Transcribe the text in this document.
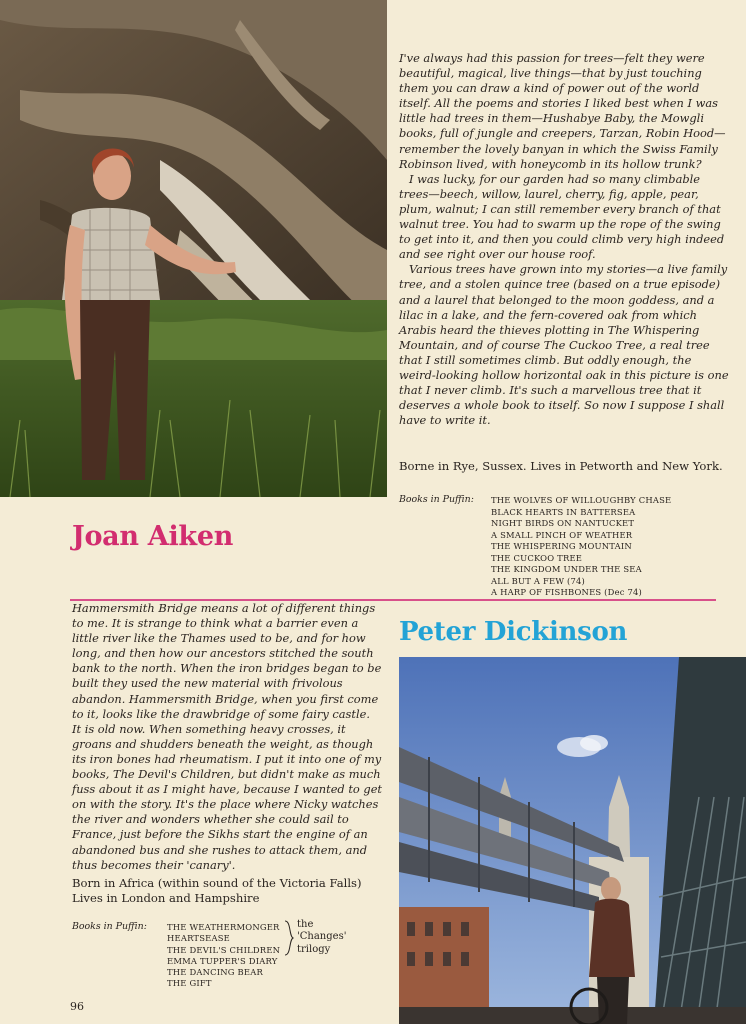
I've always had this passion for trees—felt they were beautiful, magical, live things—that by just touching them you can draw a kind of power out of the world itself. All the poems and stories I liked best when I was little had trees in them—Hushabye Baby, the Mowgli books, full of jungle and creepers, Tarzan, Robin Hood—remember the lovely banyan in which the Swiss Family Robinson lived, with honeycomb in its hollow trunk?

I was lucky, for our garden had so many climbable trees—beech, willow, laurel, cherry, fig, apple, pear, plum, walnut; I can still remember every branch of that walnut tree. You had to swarm up the rope of the swing to get into it, and then you could climb very high indeed and see right over our house roof.

Various trees have grown into my stories—a live family tree, and a stolen quince tree (based on a true episode) and a laurel that belonged to the moon goddess, and a lilac in a lake, and the fern-covered oak from which Arabis heard the thieves plotting in The Whispering Mountain, and of course The Cuckoo Tree, a real tree that I still sometimes climb. But oddly enough, the weird-looking hollow horizontal oak in this picture is one that I never climb. It's such a marvellous tree that it deserves a whole book to itself. So now I suppose I shall have to write it.

Borne in Rye, Sussex. Lives in Petworth and New York.
Books in Puffin: THE WOLVES OF WILLOUGHBY CHASE
BLACK HEARTS IN BATTERSEA
NIGHT BIRDS ON NANTUCKET
A SMALL PINCH OF WEATHER
THE WHISPERING MOUNTAIN
THE CUCKOO TREE
THE KINGDOM UNDER THE SEA
ALL BUT A FEW (74)
A HARP OF FISHBONES (Dec 74)
Joan Aiken

Hammersmith Bridge means a lot of different things to me. It is strange to think what a barrier even a little river like the Thames used to be, and for how long, and then how our ancestors stitched the south bank to the north. When the iron bridges began to be built they used the new material with frivolous abandon. Hammersmith Bridge, when you first come to it, looks like the drawbridge of some fairy castle. It is old now. When something heavy crosses, it groans and shudders beneath the weight, as though its iron bones had rheumatism. I put it into one of my books, The Devil's Children, but didn't make as much fuss about it as I might have, because I wanted to get on with the story. It's the place where Nicky watches the river and wonders whether she could sail to France, just before the Sikhs start the engine of an abandoned bus and she rushes to attack them, and thus becomes their 'canary'.

Born in Africa (within sound of the Victoria Falls)
Lives in London and Hampshire
Peter Dickinson
Books in Puffin: THE WEATHERMONGER
HEARTSEASE
THE DEVIL'S CHILDREN
EMMA TUPPER'S DIARY
THE DANCING BEAR
THE GIFT
the
'Changes'
trilogy
96
